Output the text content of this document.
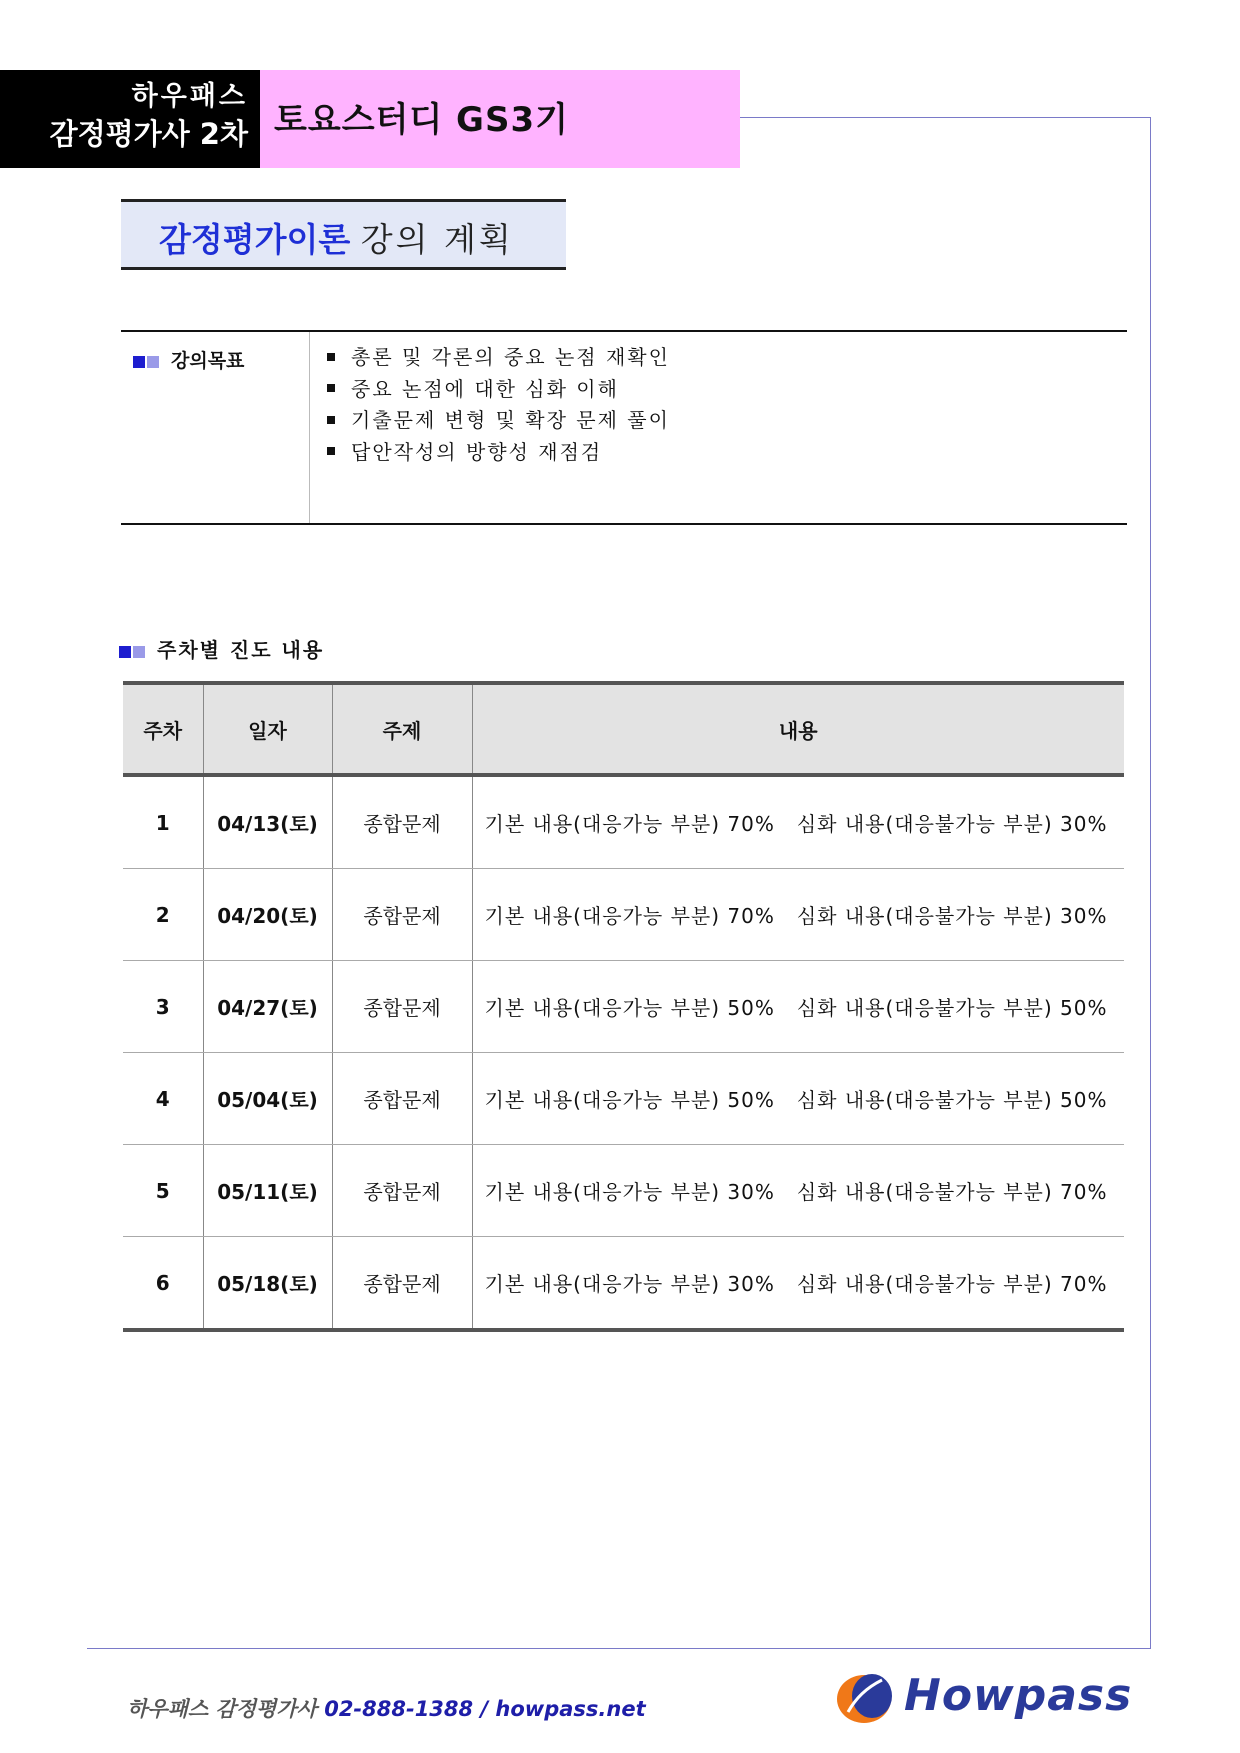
하우패스
감정평가사 2차 토요스터디 GS3기
감정평가이론 강의 계획
강의목표	총론 및 각론의 중요 논점 재확인
중요 논점에 대한 심화 이해
기출문제 변형 및 확장 문제 풀이
답안작성의 방향성 재점검
주차별 진도 내용
주차	일자	주제	내용
1	04/13(토)	종합문제	기본 내용(대응가능 부분) 70% 심화 내용(대응불가능 부분) 30%
2	04/20(토)	종합문제	기본 내용(대응가능 부분) 70% 심화 내용(대응불가능 부분) 30%
3	04/27(토)	종합문제	기본 내용(대응가능 부분) 50% 심화 내용(대응불가능 부분) 50%
4	05/04(토)	종합문제	기본 내용(대응가능 부분) 50% 심화 내용(대응불가능 부분) 50%
5	05/11(토)	종합문제	기본 내용(대응가능 부분) 30% 심화 내용(대응불가능 부분) 70%
6	05/18(토)	종합문제	기본 내용(대응가능 부분) 30% 심화 내용(대응불가능 부분) 70%
하우패스 감정평가사 02-888-1388 / howpass.net	Howpass
